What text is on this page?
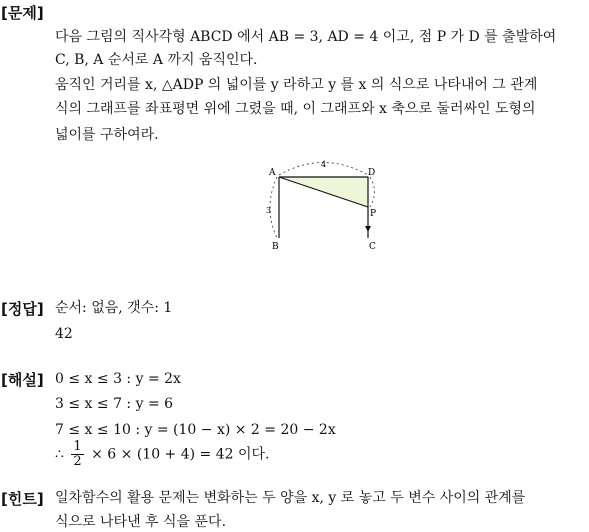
[문제]
다음 그림의 직사각형 ABCD 에서 AB = 3, AD = 4 이고, 점 P 가 D 를 출발하여
C, B, A 순서로 A 까지 움직인다.
움직인 거리를 x, △ADP 의 넓이를 y 라하고 y 를 x 의 식으로 나타내어 그 관계
식의 그래프를 좌표평면 위에 그렸을 때, 이 그래프와 x 축으로 둘러싸인 도형의
넓이를 구하여라.
A	D
B	C
P
4
3
[정답] 순서: 없음, 갯수: 1
42
[해설] 0 ≤ x ≤ 3 : y = 2x
3 ≤ x ≤ 7 : y = 6
7 ≤ x ≤ 10 : y = (10 − x) × 2 = 20 − 2x
∴ $\frac{1}{2} \times 6 \times (10 + 4) = 42$ 이다.
[힌트] 일차함수의 활용 문제는 변화하는 두 양을 x, y 로 놓고 두 변수 사이의 관계를
식으로 나타낸 후 식을 푼다.
